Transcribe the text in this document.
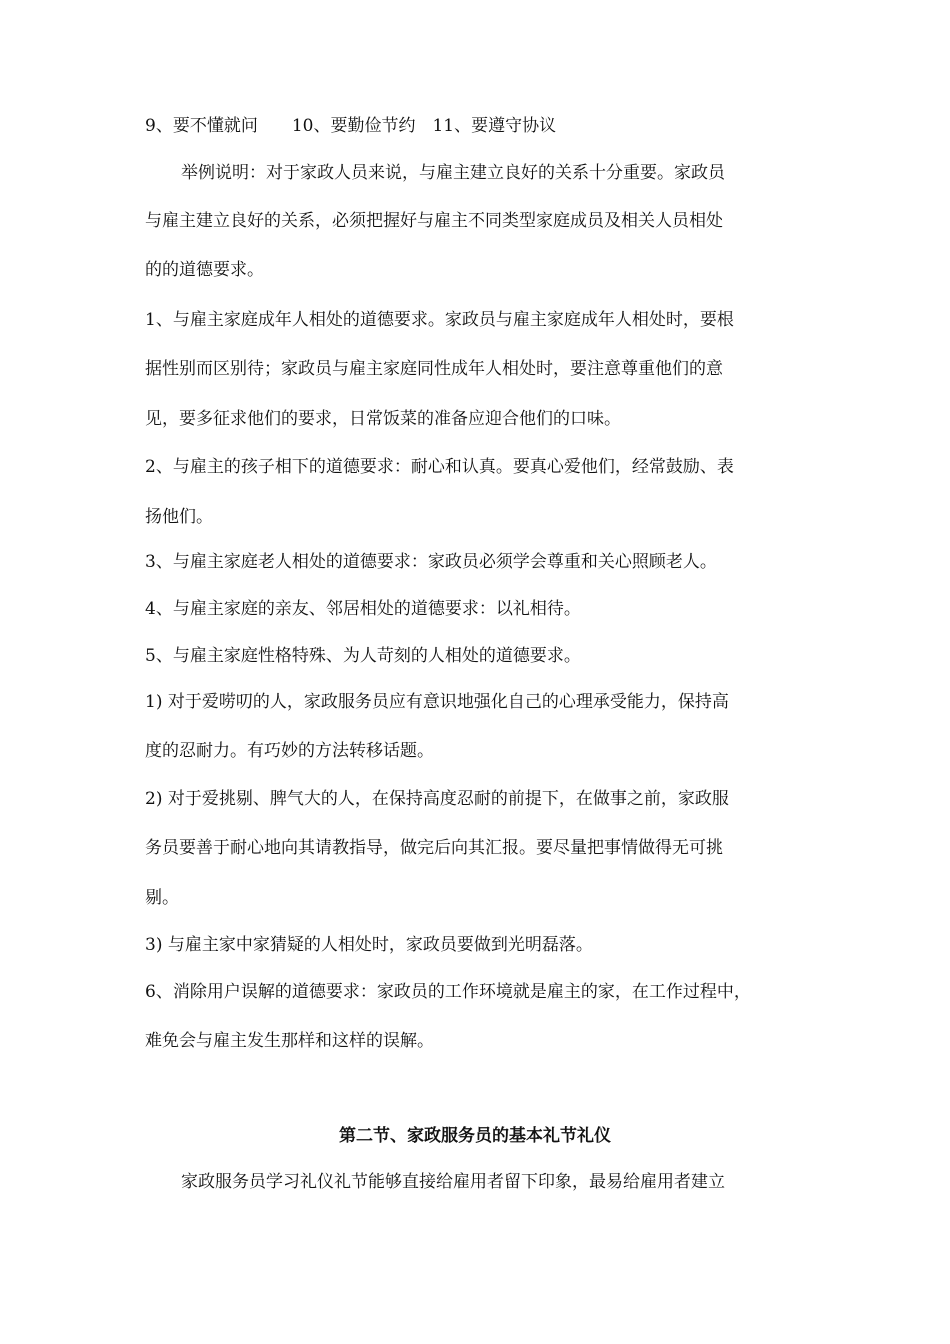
9、要不懂就问　　10、要勤俭节约　11、要遵守协议
举例说明：对于家政人员来说，与雇主建立良好的关系十分重要。家政员
与雇主建立良好的关系，必须把握好与雇主不同类型家庭成员及相关人员相处
的的道德要求。
1、与雇主家庭成年人相处的道德要求。家政员与雇主家庭成年人相处时，要根
据性别而区别待；家政员与雇主家庭同性成年人相处时，要注意尊重他们的意
见，要多征求他们的要求，日常饭菜的准备应迎合他们的口味。
2、与雇主的孩子相下的道德要求：耐心和认真。要真心爱他们，经常鼓励、表
扬他们。
3、与雇主家庭老人相处的道德要求：家政员必须学会尊重和关心照顾老人。
4、与雇主家庭的亲友、邻居相处的道德要求：以礼相待。
5、与雇主家庭性格特殊、为人苛刻的人相处的道德要求。
1) 对于爱唠叨的人，家政服务员应有意识地强化自己的心理承受能力，保持高
度的忍耐力。有巧妙的方法转移话题。
2) 对于爱挑剔、脾气大的人，在保持高度忍耐的前提下，在做事之前，家政服
务员要善于耐心地向其请教指导，做完后向其汇报。要尽量把事情做得无可挑
剔。
3) 与雇主家中家猜疑的人相处时，家政员要做到光明磊落。
6、消除用户误解的道德要求：家政员的工作环境就是雇主的家，在工作过程中，
难免会与雇主发生那样和这样的误解。
第二节、家政服务员的基本礼节礼仪
家政服务员学习礼仪礼节能够直接给雇用者留下印象，最易给雇用者建立
